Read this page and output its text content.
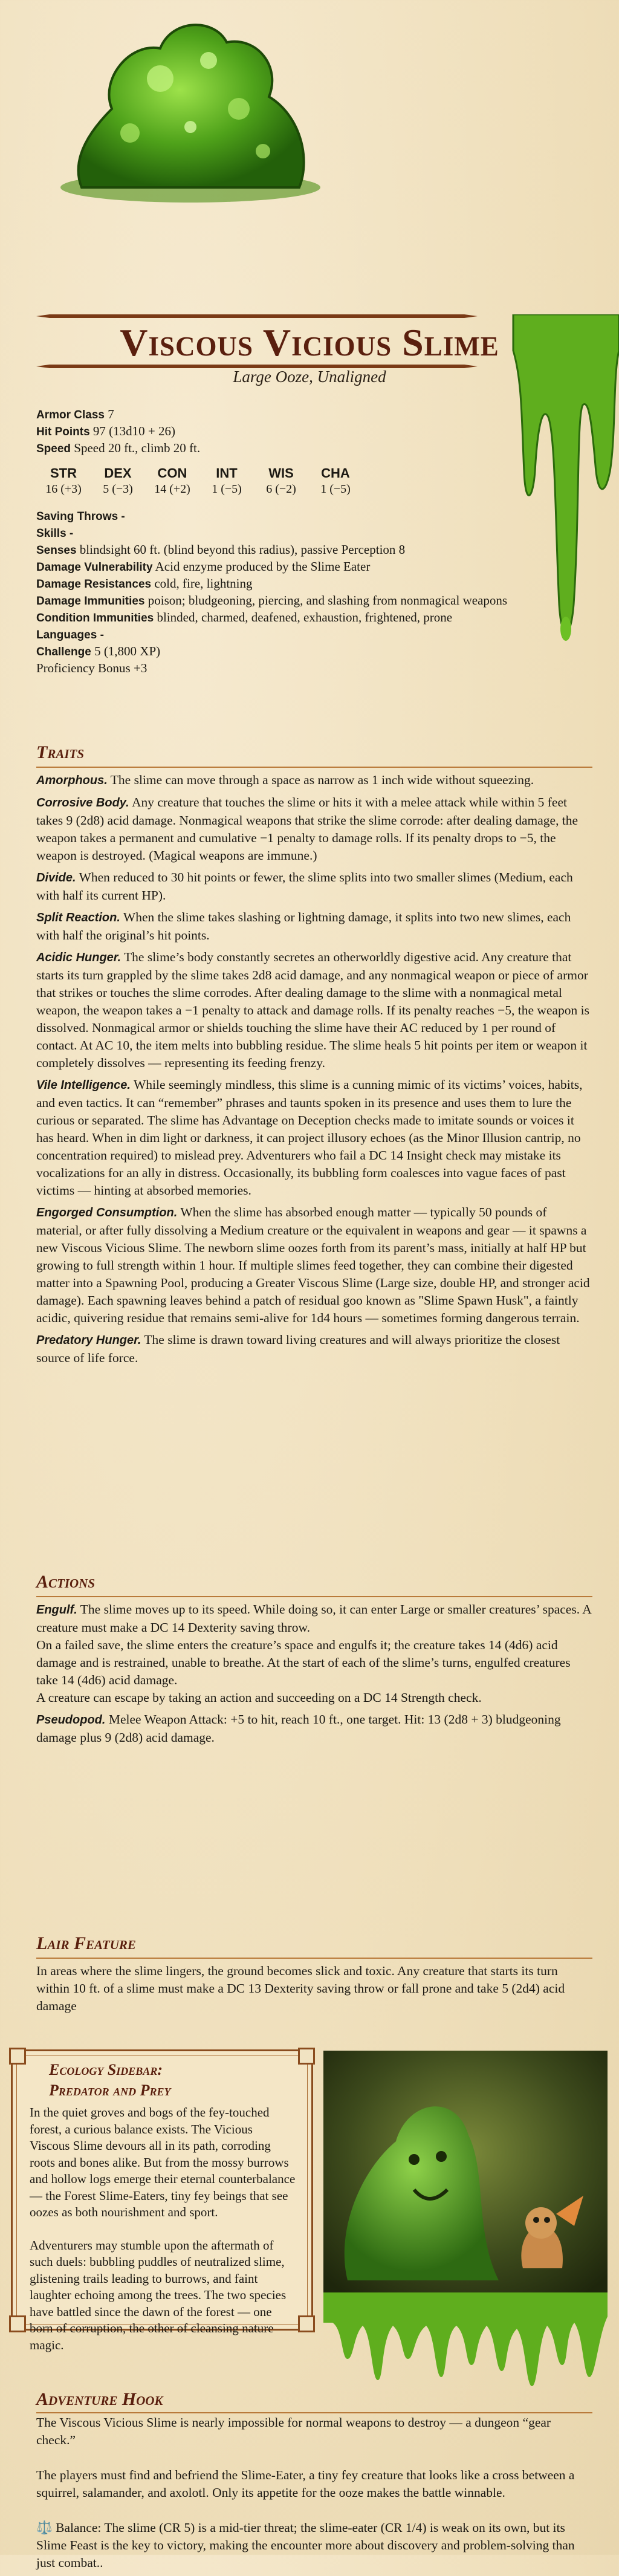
Viscous Vicious Slime
Large Ooze, Unaligned
Armor Class 7
Hit Points 97 (13d10 + 26)
Speed Speed 20 ft., climb 20 ft.
STR
16 (+3)
DEX
5 (−3)
CON
14 (+2)
INT
1 (−5)
WIS
6 (−2)
CHA
1 (−5)
Saving Throws -
Skills -
Senses blindsight 60 ft. (blind beyond this radius), passive Perception 8
Damage Vulnerability Acid enzyme produced by the Slime Eater
Damage Resistances cold, fire, lightning
Damage Immunities poison; bludgeoning, piercing, and slashing from nonmagical weapons
Condition Immunities blinded, charmed, deafened, exhaustion, frightened, prone
Languages -
Challenge 5 (1,800 XP)
Proficiency Bonus +3
Traits

Amorphous. The slime can move through a space as narrow as 1 inch wide without squeezing.

Corrosive Body. Any creature that touches the slime or hits it with a melee attack while within 5 feet takes 9 (2d8) acid damage. Nonmagical weapons that strike the slime corrode: after dealing damage, the weapon takes a permanent and cumulative −1 penalty to damage rolls. If its penalty drops to −5, the weapon is destroyed. (Magical weapons are immune.)

Divide. When reduced to 30 hit points or fewer, the slime splits into two smaller slimes (Medium, each with half its current HP).

Split Reaction. When the slime takes slashing or lightning damage, it splits into two new slimes, each with half the original’s hit points.

Acidic Hunger. The slime’s body constantly secretes an otherworldly digestive acid. Any creature that starts its turn grappled by the slime takes 2d8 acid damage, and any nonmagical weapon or piece of armor that strikes or touches the slime corrodes. After dealing damage to the slime with a nonmagical metal weapon, the weapon takes a −1 penalty to attack and damage rolls. If its penalty reaches −5, the weapon is dissolved. Nonmagical armor or shields touching the slime have their AC reduced by 1 per round of contact. At AC 10, the item melts into bubbling residue. The slime heals 5 hit points per item or weapon it completely dissolves — representing its feeding frenzy.

Vile Intelligence. While seemingly mindless, this slime is a cunning mimic of its victims’ voices, habits, and even tactics. It can “remember” phrases and taunts spoken in its presence and uses them to lure the curious or separated. The slime has Advantage on Deception checks made to imitate sounds or voices it has heard. When in dim light or darkness, it can project illusory echoes (as the Minor Illusion cantrip, no concentration required) to mislead prey. Adventurers who fail a DC 14 Insight check may mistake its vocalizations for an ally in distress. Occasionally, its bubbling form coalesces into vague faces of past victims — hinting at absorbed memories.

Engorged Consumption. When the slime has absorbed enough matter — typically 50 pounds of material, or after fully dissolving a Medium creature or the equivalent in weapons and gear — it spawns a new Viscous Vicious Slime. The newborn slime oozes forth from its parent’s mass, initially at half HP but growing to full strength within 1 hour. If multiple slimes feed together, they can combine their digested matter into a Spawning Pool, producing a Greater Viscous Slime (Large size, double HP, and stronger acid damage). Each spawning leaves behind a patch of residual goo known as "Slime Spawn Husk", a faintly acidic, quivering residue that remains semi-alive for 1d4 hours — sometimes forming dangerous terrain.

Predatory Hunger. The slime is drawn toward living creatures and will always prioritize the closest source of life force.

Actions

Engulf. The slime moves up to its speed. While doing so, it can enter Large or smaller creatures’ spaces. A creature must make a DC 14 Dexterity saving throw.

On a failed save, the slime enters the creature’s space and engulfs it; the creature takes 14 (4d6) acid damage and is restrained, unable to breathe. At the start of each of the slime’s turns, engulfed creatures take 14 (4d6) acid damage.

A creature can escape by taking an action and succeeding on a DC 14 Strength check.

Pseudopod. Melee Weapon Attack: +5 to hit, reach 10 ft., one target. Hit: 13 (2d8 + 3) bludgeoning damage plus 9 (2d8) acid damage.

Lair Feature
In areas where the slime lingers, the ground becomes slick and toxic. Any creature that starts its turn within 10 ft. of a slime must make a DC 13 Dexterity saving throw or fall prone and take 5 (2d4) acid damage
Ecology Sidebar:
Predator and Prey

In the quiet groves and bogs of the fey-touched forest, a curious balance exists. The Vicious Viscous Slime devours all in its path, corroding roots and bones alike. But from the mossy burrows and hollow logs emerge their eternal counterbalance — the Forest Slime-Eaters, tiny fey beings that see oozes as both nourishment and sport.

Adventurers may stumble upon the aftermath of such duels: bubbling puddles of neutralized slime, glistening trails leading to burrows, and faint laughter echoing among the trees. The two species have battled since the dawn of the forest — one born of corruption, the other of cleansing nature magic.

Adventure Hook

The Viscous Vicious Slime is nearly impossible for normal weapons to destroy — a dungeon “gear check.”

The players must find and befriend the Slime-Eater, a tiny fey creature that looks like a cross between a squirrel, salamander, and axolotl. Only its appetite for the ooze makes the battle winnable.

⚖️ Balance: The slime (CR 5) is a mid-tier threat; the slime-eater (CR 1/4) is weak on its own, but its Slime Feast is the key to victory, making the encounter more about discovery and problem-solving than just combat..
